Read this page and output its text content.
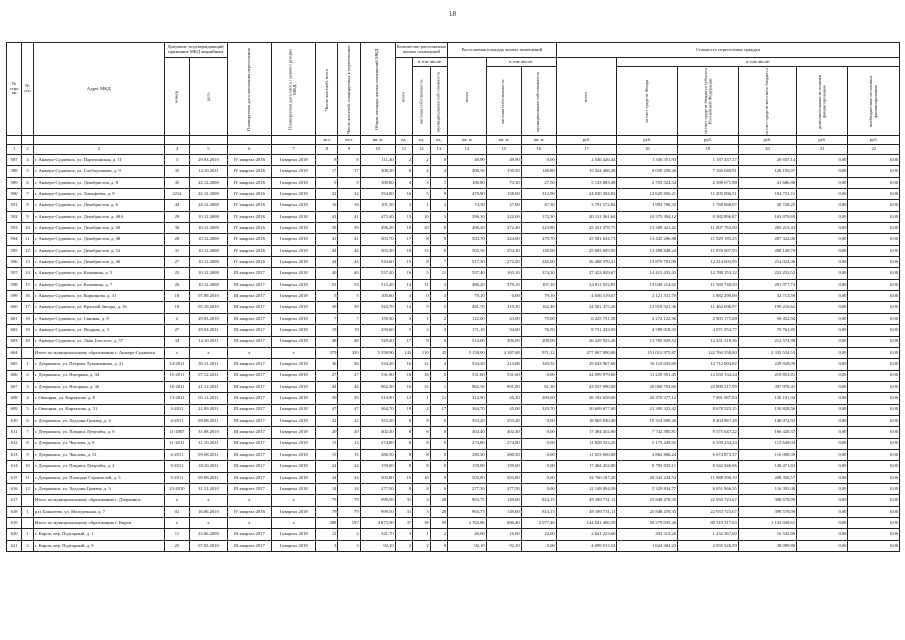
18
№ стро ки	№ п/п	Адрес МКД	Документ, подтверждающий признание МКД аварийным		Планируемая дата окончания переселения	Планируемая дата сноса / реконструкции МКД	Число жителей, всего	Число жителей, планируемых к переселению	Общая площадь жилых помещений МКД	Количество расселяемых жилых помещений			Расселяемая площадь жилых помещений			Стоимость переселения граждан					
			номер	дата						всего	в том числе:		всего	в том числе:		всего	в том числе:				
											частная собственность	муниципальная собственность		частная собственность	муниципальная собственность		за счет средств Фонда	за счет средств бюджета субъекта Российской Федерации	за счет средств местного бюджета	дополнительные источники финансирования	внебюджетные источники финансирования
							чел.	чел.	кв. м	ед.	ед.	ед.	кв. м	кв. м	кв. м	руб.	руб.	руб.	руб.	руб.	руб.
1	2	3	4	5	6	7	8	9	10	11	12	13	14	15	16	17	18	19	20	21	22
587	4	г. Анжеро-Судженск, ул. Партизанская, д. 11	3	29.03.2010	IV квартал 2016	I квартал 2018	8	8	111,40	2	2	0	49,90	49,90	0,00	2 546 426,44	1 336 351,93	1 187 437,37	20 637,14	0,00	0,00
588	5	г. Анжеро-Судженск, ул. Слободчикова, д. 9	35	14.10.2011	IV квартал 2016	I квартал 2018	17	17	300,30	8	4	4	300,30	150,50	149,80	15 324 406,38	8 058 250,26	7 160 040,91	126 195,07	0,00	0,00
589	6	г. Анжеро-Судженск, ул. Декабристов, д. 8	45	24.12.2008	IV квартал 2016	I квартал 2018	9	9	100,80	4	3	1	100,80	73,30	27,50	5 143 883,48	2 703 524,54	2 398 671,98	41 686,96	0,00	0,00
590	7	г. Анжеро-Судженск, ул. Тимофеева, д. 9	2214	22.12.2008	IV квартал 2016	I квартал 2018	32	32	554,80	16	5	9	470,90	158,00	312,90	24 030 304,83	12 629 856,21	11 205 096,51	194 731,11	0,00	0,00
591	8	г. Анжеро-Судженск, ул. Декабристов, д. 6	44	24.12.2008	IV квартал 2016	I квартал 2018	16	16	101,30	3	1	2	74,30	27,00	47,30	3 791 572,84	1 992 706,32	1 768 068,07	30 728,25	0,00	0,00
592	9	г. Анжеро-Судженск, ул. Декабристов, д. 49А	29	10.12.2008	IV квартал 2016	I квартал 2018	41	41	473,40	13	10	3	396,30	222,00	172,30	20 121 361,64	10 575 394,12	9 382 896,87	163 070,65	0,00	0,00
593	10	г. Анжеро-Судженск, ул. Декабристов, д. 50	30	10.12.2008	IV квартал 2016	I квартал 2018	39	39	496,20	18	10	8	496,20	272,40	223,80	25 321 378,75	13 308 421,42	11 807 763,90	205 213,43	0,00	0,00
594	11	г. Анжеро-Судженск, ул. Декабристов, д. 48	28	10.12.2008	IV квартал 2016	I квартал 2018	41	41	503,70	17	8	9	503,70	224,00	279,70	25 581 634,73	13 445 206,88	11 929 185,25	207 322,06	0,00	0,00
595	12	г. Анжеро-Судженск, ул. Декабристов, д. 52	31	10.12.2008	IV квартал 2016	I квартал 2018	44	44	503,30	19	13	6	503,30	354,30	149,00	25 683 695,95	13 498 848,24	11 976 697,93	208 149,78	0,00	0,00
596	13	г. Анжеро-Судженск, ул. Декабристов, д. 46	27	10.12.2008	IV квартал 2016	I квартал 2018	44	44	543,60	15	8	7	517,50	272,50	245,00	26 408 370,31	13 879 701,90	12 314 603,95	214 022,46	0,00	0,00
597	14	г. Анжеро-Судженск, ул. Калинина, д. 5	25	10.12.2008	III квартал 2017	I квартал 2018	40	40	537,40	16	5	11	537,40	163,10	374,30	27 423 829,67	14 413 433,43	12 788 153,12	222 252,52	0,00	0,00
598	15	г. Анжеро-Судженск, ул. Калинина, д. 7	26	10.12.2008	III квартал 2017	I квартал 2018	53	53	515,40	14	11	3	486,20	379,10	107,10	24 811 032,85	13 040 214,62	11 569 740,50	201 077,73	0,00	0,00
599	16	г. Анжеро-Судженск, ул. Коркинова, д. 31	18	07.09.2010	III квартал 2017	I квартал 2018	5	5	105,60	3	0	3	79,10	0,00	79,10	4 036 519,67	2 121 531,79	1 882 290,69	32 713,59	0,00	0,00
600	17	г. Анжеро-Судженск, ул. Красной Звезды, д. 16	18	05.10.2010	III квартал 2017	I квартал 2018	39	39	543,70	14	9	5	481,70	319,30	162,40	24 581 475,20	12 919 521,36	11 462 696,97	199 216,62	0,00	0,00
601	18	г. Анжеро-Судженск, ул. Связная, д. 8	2	29.03.2010	III квартал 2017	I квартал 2018	7	7	159,30	3	1	2	122,00	43,00	79,00	6 225 751,58	3 272 122,96	2 903 175,68	50 452,94	0,00	0,00
602	19	г. Анжеро-Судженск, ул. Ягодная, д. 3	27	29.04.2011	III квартал 2017	I квартал 2018	19	19	259,60	5	3	2	171,10	94,60	76,50	8 731 333,95	4 589 018,33	4 071 553,77	70 761,85	0,00	0,00
603	20	г. Анжеро-Судженск, ул. Льва Толстого, д. 57	34	14.10.2011	III квартал 2017	I квартал 2018	48	48	529,40	17	9	8	514,00	306,00	208,00	26 229 923,26	13 785 829,52	12 231 318,36	212 574,98	0,00	0,00
604		Итого по муниципальному образованию г. Анжеро-Судженск	x	x	x	x	379	339	5 558,90	143	110	33	5 158,00	4 187,68	971,12	277 067 090,80	151 012 975,87	122 760 558,80	2 333 524,53	0,00	0,00
605	1	г. Дзержинск, ул. Петрова Лукьяновича, д. 21	14-2011	30.11.2011	III квартал 2017	I квартал 2018	36	36	534,20	16	12	4	534,20	213,68	320,52	29 043 967,60	16 110 033,69	12 712 004,82	229 928,09	0,00	0,00
606	2	г. Дзержинск, ул. Нагорная, д. 34	15-2011	07.12.2011	III квартал 2017	I квартал 2018	27	27	531,90	16	16	0	531,60	531,60	0,00	24 099 979,60	11 229 591,45	12 650 134,34	219 853,81	0,00	0,00
607	3	г. Дзержинск, ул. Нагорная, д. 36	16-2011	21.12.2011	III квартал 2017	I квартал 2018	44	44	962,30	16	15	1	962,30	901,00	61,30	43 557 990,00	20 060 793,60	22 899 217,99	397 978,41	0,00	0,00
608	4	г. Овощная, ул. Кирчатова, д. 8	13-2011	03.11.2011	III квартал 2017	I квартал 2018	39	39	314,90	12	1	11	314,90	45,20	269,60	28 192 658,00	20 370 377,12	7 691 087,84	130 191,04	0,00	0,00
609	5	г. Овощная, ул. Кирчатова, д. 31	3-2011	21.09.2011	III квартал 2017	I квартал 2018	47	47	364,70	19	2	17	364,70	45,00	319,70	30 609 677,00	21 309 323,42	8 678 525,15	150 828,56	0,00	0,00
610	6	г. Дзержинск, ул. Хуадзин Гримму, д. 4	4-2011	09.08.2011	III квартал 2017	I квартал 2018	22	22	353,20	8	8	0	353,20	353,20	0,00	18 865 630,40	10 314 690,26	8 404 867,28	146 072,92	0,00	0,00
611	7	г. Дзержинск, ул. Патриса Лумумбы, д. 6	11-2007	31.08.2010	III квартал 2017	I квартал 2018	20	20	402,40	8	8	0	402,40	402,40	0,00	17 484 452,80	7 742 385,81	9 575 647,22	166 420,37	0,00	0,00
612	8	г. Дзержинск, ул. Чкалова, д. 9	11-2011	31.10.2011	III квартал 2017	I квартал 2018	13	13	274,80	8	8	0	274,80	274,80	0,00	11 828 333,20	5 173 449,92	6 539 234,24	113 649,04	0,00	0,00
613	9	г. Дзержинск, ул. Чкалова, д. 51	6-2011	09.08.2011	III квартал 2017	I квартал 2018	15	15	280,50	8	8	0	280,50	280,50	0,00	11 653 600,00	4 862 806,24	6 674 873,37	116 008,39	0,00	0,00
614	10	г. Дзержинск, ул. Патриса Лумумбы, д. 4	9-2011	18.10.2011	III квартал 2017	I квартал 2018	24	24	159,00	8	8	0	159,00	159,00	0,00	17 484 452,80	8 793 035,11	8 542 946,06	148 471,63	0,00	0,00
615	11	г. Дзержинск, ул. Площадь Строителей, д. 5	5-2011	09.08.2011	III квартал 2017	I квартал 2018	34	34	503,80	16	16	0	503,80	503,80	0,00	32 760 187,20	20 543 234,53	11 988 596,10	208 356,57	0,00	0,00
616	12	г. Дзержинск, ул. Хуадзин Гримму, д. 3	23-2010	31.12.2010	III квартал 2017	I квартал 2018	14	14	277,50	8	8	0	277,50	277,50	0,00	12 148 094,50	5 329 834,77	6 651 866,35	116 393,38	0,00	0,00
617		Итого по муниципальному образованию г. Дзержинск	x	x	x	x	79	79	999,50	31	3	28	963,75	149,60	814,15	49 180 731,11	25 848 470,35	22 933 723,67	398 578,09	0,00	0,00
618	1	р.п. Бакшеево, ул. Молодежная, д. 7	02	16.06.2010	IV квартал 2016	I квартал 2018	79	79	999,50	31	3	28	963,75	149,60	814,15	49 180 731,11	25 848 470,35	22 933 723,67	398 578,09	0,00	0,00
619		Итого по муниципальному образованию г. Киров	x	x	x	x	308	197	4 873,90	37	18	59	2 763,86	686,40	2 077,46	144 041 406,50	59 579 035,26	80 319 317,63	1 143 049,61	0,00	0,00
620	1	г. Киров, пер. Подгорный, д. 1	11	23.06.2009	III квартал 2017	I квартал 2018	12	2	341,70	3	1	2	40,00	16,00	24,00	2 041 223,60	392 313,20	1 232 367,60	16 542,80	0,00	0,00
621	2	г. Киров, пер. Подгорный, д. 9	25	07.03.2010	III квартал 2017	I квартал 2018	3	3	92,10	2	2	0	92,10	92,10	0,00	4 699 913,54	1 624 304,23	2 835 526,59	38 089,80	0,00	0,00
